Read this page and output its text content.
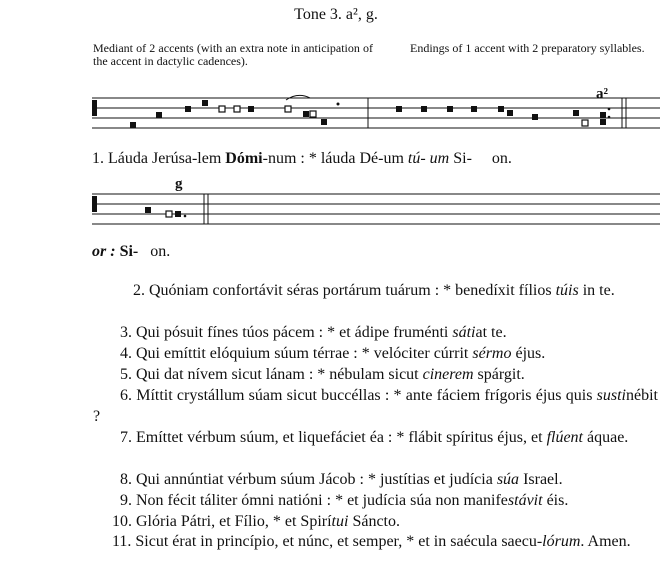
Tone 3. a², g.
Mediant of 2 accents (with an extra note in anticipation of the accent in dactylic cadences).
Endings of 1 accent with 2 preparatory syllables.
a²
1. Láuda Jerúsa-lem Dómi-num : * láuda Dé-um tú- um Si- on.
g
or : Si- on.
2. Quóniam confortávit séras portárum tuárum : * benedíxit fílios túis in te.
3. Qui pósuit fínes túos pácem : * et ádipe fruménti sátiat te.
4. Qui emíttit elóquium súum térrae : * velóciter cúrrit sérmo éjus.
5. Qui dat nívem sicut lánam : * nébulam sicut cinerem spárgit.
6. Míttit crystállum súam sicut buccéllas : * ante fáciem frígoris éjus quis sustinébit ?
7. Emíttet vérbum súum, et liquefáciet éa : * flábit spíritus éjus, et flúent áquae.
8. Qui annúntiat vérbum súum Jácob : * justítias et judícia súa Israel.
9. Non fécit táliter ómni natióni : * et judícia súa non manifestávit éis.
10. Glória Pátri, et Fílio, * et Spirítui Sáncto.
11. Sicut érat in princípio, et núnc, et semper, * et in saécula saecu-lórum. Amen.
